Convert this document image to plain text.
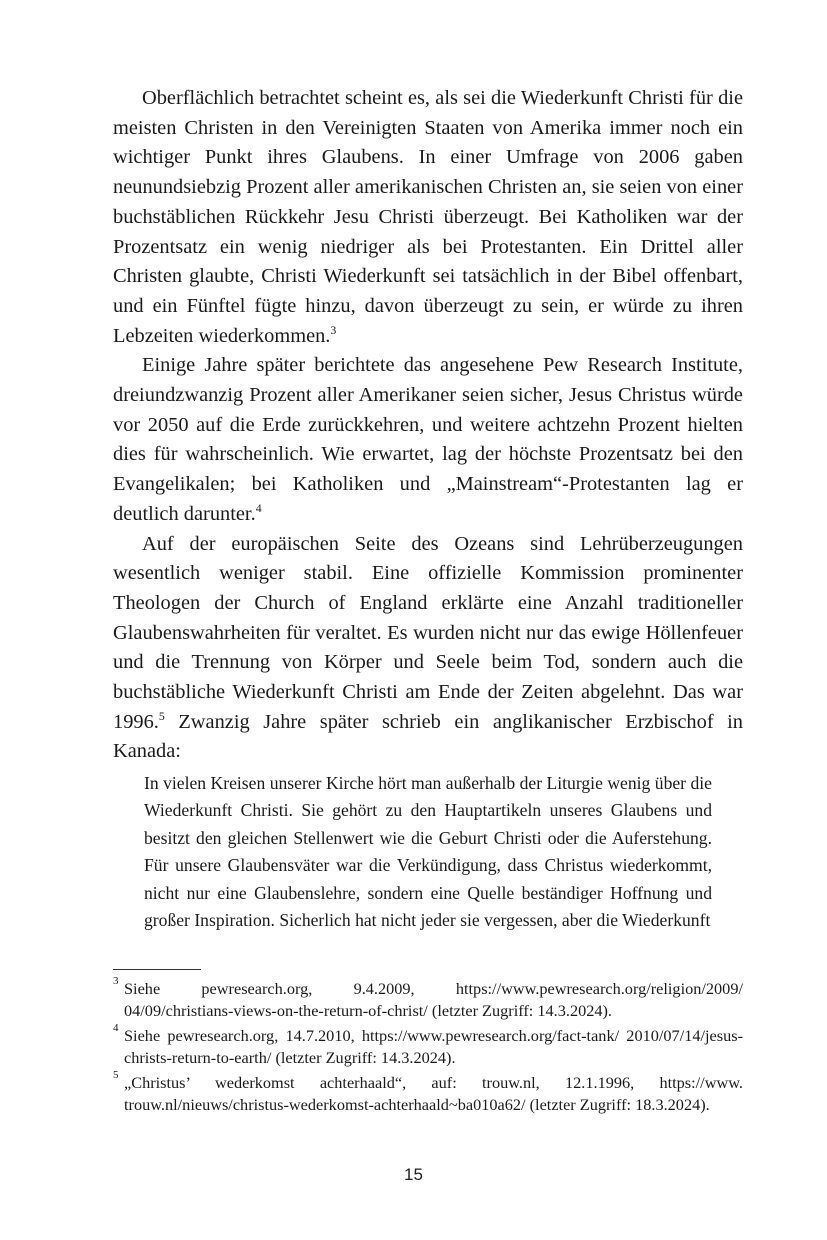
Oberflächlich betrachtet scheint es, als sei die Wiederkunft Christi für die meisten Christen in den Vereinigten Staaten von Amerika immer noch ein wichtiger Punkt ihres Glaubens. In einer Umfrage von 2006 gaben neunundsiebzig Prozent aller amerikanischen Christen an, sie seien von einer buchstäblichen Rückkehr Jesu Christi überzeugt. Bei Katholiken war der Prozentsatz ein wenig niedriger als bei Protestanten. Ein Drittel aller Christen glaubte, Christi Wiederkunft sei tatsächlich in der Bibel offenbart, und ein Fünftel fügte hinzu, davon überzeugt zu sein, er würde zu ihren Lebzeiten wiederkommen.$^3$

Einige Jahre später berichtete das angesehene Pew Research Institute, dreiundzwanzig Prozent aller Amerikaner seien sicher, Jesus Christus würde vor 2050 auf die Erde zurückkehren, und weitere achtzehn Prozent hielten dies für wahrscheinlich. Wie erwartet, lag der höchste Prozentsatz bei den Evangelikalen; bei Katholiken und „Mainstream“-Protestanten lag er deutlich darunter.$^4$

Auf der europäischen Seite des Ozeans sind Lehrüberzeugungen wesentlich weniger stabil. Eine offizielle Kommission prominenter Theologen der Church of England erklärte eine Anzahl traditioneller Glaubenswahrheiten für veraltet. Es wurden nicht nur das ewige Höllenfeuer und die Trennung von Körper und Seele beim Tod, sondern auch die buchstäbliche Wiederkunft Christi am Ende der Zeiten abgelehnt. Das war 1996.$^5$ Zwanzig Jahre später schrieb ein anglikanischer Erzbischof in Kanada:

In vielen Kreisen unserer Kirche hört man außerhalb der Liturgie wenig über die Wiederkunft Christi. Sie gehört zu den Hauptartikeln unseres Glaubens und besitzt den gleichen Stellenwert wie die Geburt Christi oder die Auferstehung. Für unsere Glaubensväter war die Verkündigung, dass Christus wiederkommt, nicht nur eine Glaubenslehre, sondern eine Quelle beständiger Hoffnung und großer Inspiration. Sicherlich hat nicht jeder sie vergessen, aber die Wiederkunft

3 Siehe pewresearch.org, 9.4.2009, https://www.pewresearch.org/religion/2009/ 04/09/christians-views-on-the-return-of-christ/ (letzter Zugriff: 14.3.2024).
4 Siehe pewresearch.org, 14.7.2010, https://www.pewresearch.org/fact-tank/ 2010/07/14/jesus-christs-return-to-earth/ (letzter Zugriff: 14.3.2024).
5 „Christus’ wederkomst achterhaald“, auf: trouw.nl, 12.1.1996, https://www. trouw.nl/nieuws/christus-wederkomst-achterhaald~ba010a62/ (letzter Zugriff: 18.3.2024).
15
